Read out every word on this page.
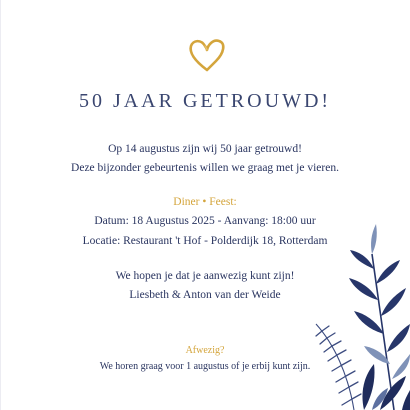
50 JAAR GETROUWD!
Op 14 augustus zijn wij 50 jaar getrouwd!
Deze bijzonder gebeurtenis willen we graag met je vieren.
Diner • Feest:
Datum: 18 Augustus 2025 - Aanvang: 18:00 uur
Locatie: Restaurant 't Hof - Polderdijk 18, Rotterdam
We hopen je dat je aanwezig kunt zijn!
Liesbeth & Anton van der Weide
Afwezig?
We horen graag voor 1 augustus of je erbij kunt zijn.
